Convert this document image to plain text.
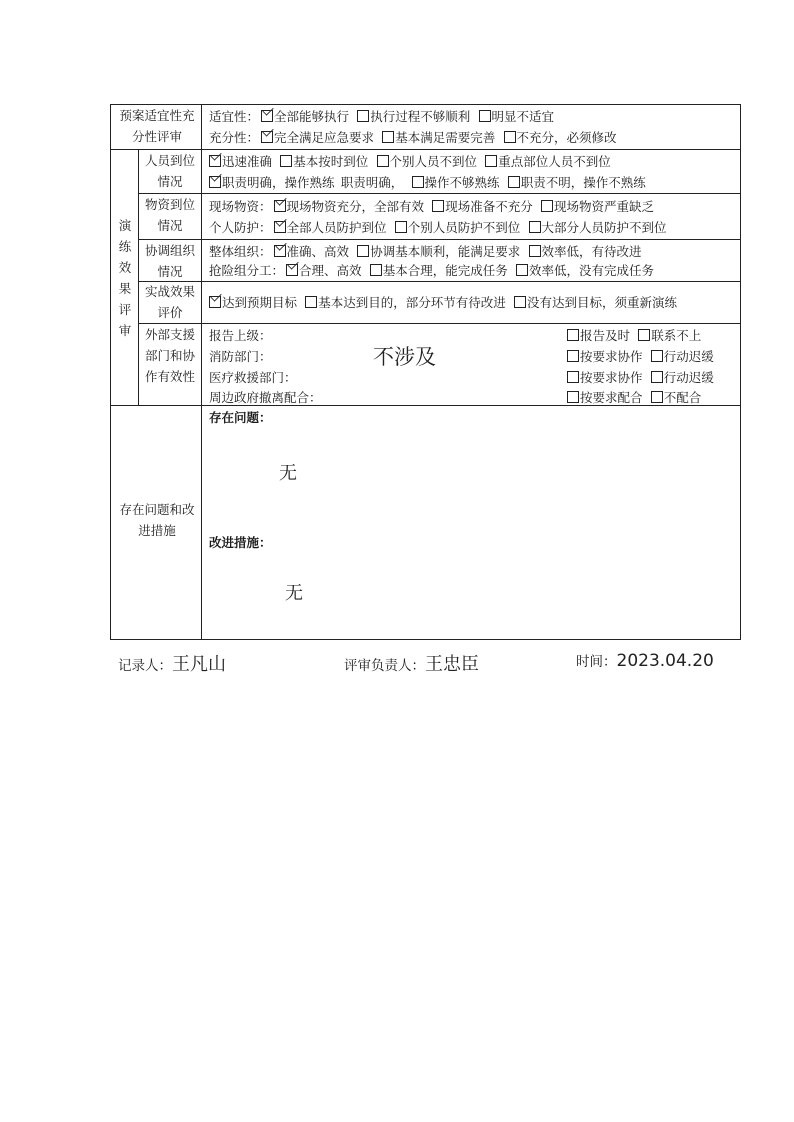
预案适宜性充分性评审
演
练
效
果
评
审
人员到位情况
物资到位情况
协调组织情况
实战效果评价
外部支援部门和协作有效性
存在问题和改进措施
适宜性： 全部能够执行  执行过程不够顺利  明显不适宜
充分性： 完全满足应急要求  基本满足需要完善  不充分，必须修改
迅速准确  基本按时到位  个别人员不到位  重点部位人员不到位
职责明确，操作熟练  职责明确，  操作不够熟练  职责不明，操作不熟练
现场物资： 现场物资充分，全部有效  现场准备不充分  现场物资严重缺乏
个人防护： 全部人员防护到位  个别人员防护不到位  大部分人员防护不到位
整体组织： 准确、高效  协调基本顺利，能满足要求  效率低，有待改进
抢险组分工： 合理、高效  基本合理，能完成任务  效率低，没有完成任务
达到预期目标  基本达到目的，部分环节有待改进  没有达到目标，须重新演练
报告上级：
消防部门：
医疗救援部门：
周边政府撤离配合：
报告及时  联系不上
按要求协作  行动迟缓
按要求协作  行动迟缓
按要求配合  不配合
不涉及
存在问题：
无
改进措施：
无
记录人：王凡山	评审负责人：王忠臣	时间：2023.04.20
